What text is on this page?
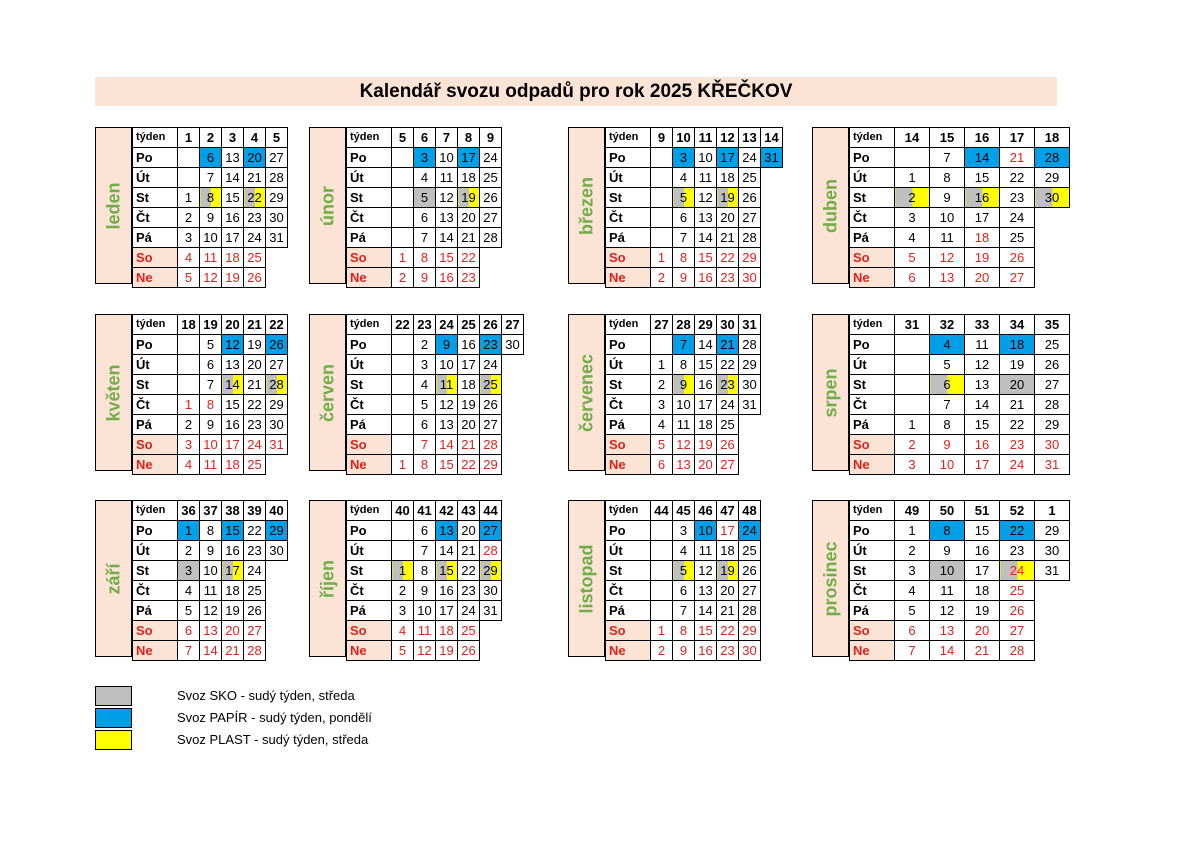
Kalendář svozu odpadů pro rok 2025 KŘEČKOV
leden
týden	1	2	3	4	5
Po		6	13	20	27
Út		7	14	21	28
St	1	8	15	22	29
Čt	2	9	16	23	30
Pá	3	10	17	24	31
So	4	11	18	25	
Ne	5	12	19	26	
únor
týden	5	6	7	8	9
Po		3	10	17	24
Út		4	11	18	25
St		5	12	19	26
Čt		6	13	20	27
Pá		7	14	21	28
So	1	8	15	22	
Ne	2	9	16	23	
březen
týden	9	10	11	12	13	14
Po		3	10	17	24	31
Út		4	11	18	25	
St		5	12	19	26	
Čt		6	13	20	27	
Pá		7	14	21	28	
So	1	8	15	22	29	
Ne	2	9	16	23	30	
duben
týden	14	15	16	17	18
Po		7	14	21	28
Út	1	8	15	22	29
St	2	9	16	23	30
Čt	3	10	17	24	
Pá	4	11	18	25	
So	5	12	19	26	
Ne	6	13	20	27	
květen
týden	18	19	20	21	22
Po		5	12	19	26
Út		6	13	20	27
St		7	14	21	28
Čt	1	8	15	22	29
Pá	2	9	16	23	30
So	3	10	17	24	31
Ne	4	11	18	25	
červen
týden	22	23	24	25	26	27
Po		2	9	16	23	30
Út		3	10	17	24	
St		4	11	18	25	
Čt		5	12	19	26	
Pá		6	13	20	27	
So		7	14	21	28	
Ne	1	8	15	22	29	
červenec
týden	27	28	29	30	31
Po		7	14	21	28
Út	1	8	15	22	29
St	2	9	16	23	30
Čt	3	10	17	24	31
Pá	4	11	18	25	
So	5	12	19	26	
Ne	6	13	20	27	
srpen
týden	31	32	33	34	35
Po		4	11	18	25
Út		5	12	19	26
St		6	13	20	27
Čt		7	14	21	28
Pá	1	8	15	22	29
So	2	9	16	23	30
Ne	3	10	17	24	31
září
týden	36	37	38	39	40
Po	1	8	15	22	29
Út	2	9	16	23	30
St	3	10	17	24	
Čt	4	11	18	25	
Pá	5	12	19	26	
So	6	13	20	27	
Ne	7	14	21	28	
říjen
týden	40	41	42	43	44
Po		6	13	20	27
Út		7	14	21	28
St	1	8	15	22	29
Čt	2	9	16	23	30
Pá	3	10	17	24	31
So	4	11	18	25	
Ne	5	12	19	26	
listopad
týden	44	45	46	47	48
Po		3	10	17	24
Út		4	11	18	25
St		5	12	19	26
Čt		6	13	20	27
Pá		7	14	21	28
So	1	8	15	22	29
Ne	2	9	16	23	30
prosinec
týden	49	50	51	52	1
Po	1	8	15	22	29
Út	2	9	16	23	30
St	3	10	17	24	31
Čt	4	11	18	25	
Pá	5	12	19	26	
So	6	13	20	27	
Ne	7	14	21	28	
Svoz SKO - sudý týden, středa
Svoz PAPÍR - sudý týden, pondělí
Svoz PLAST - sudý týden, středa
